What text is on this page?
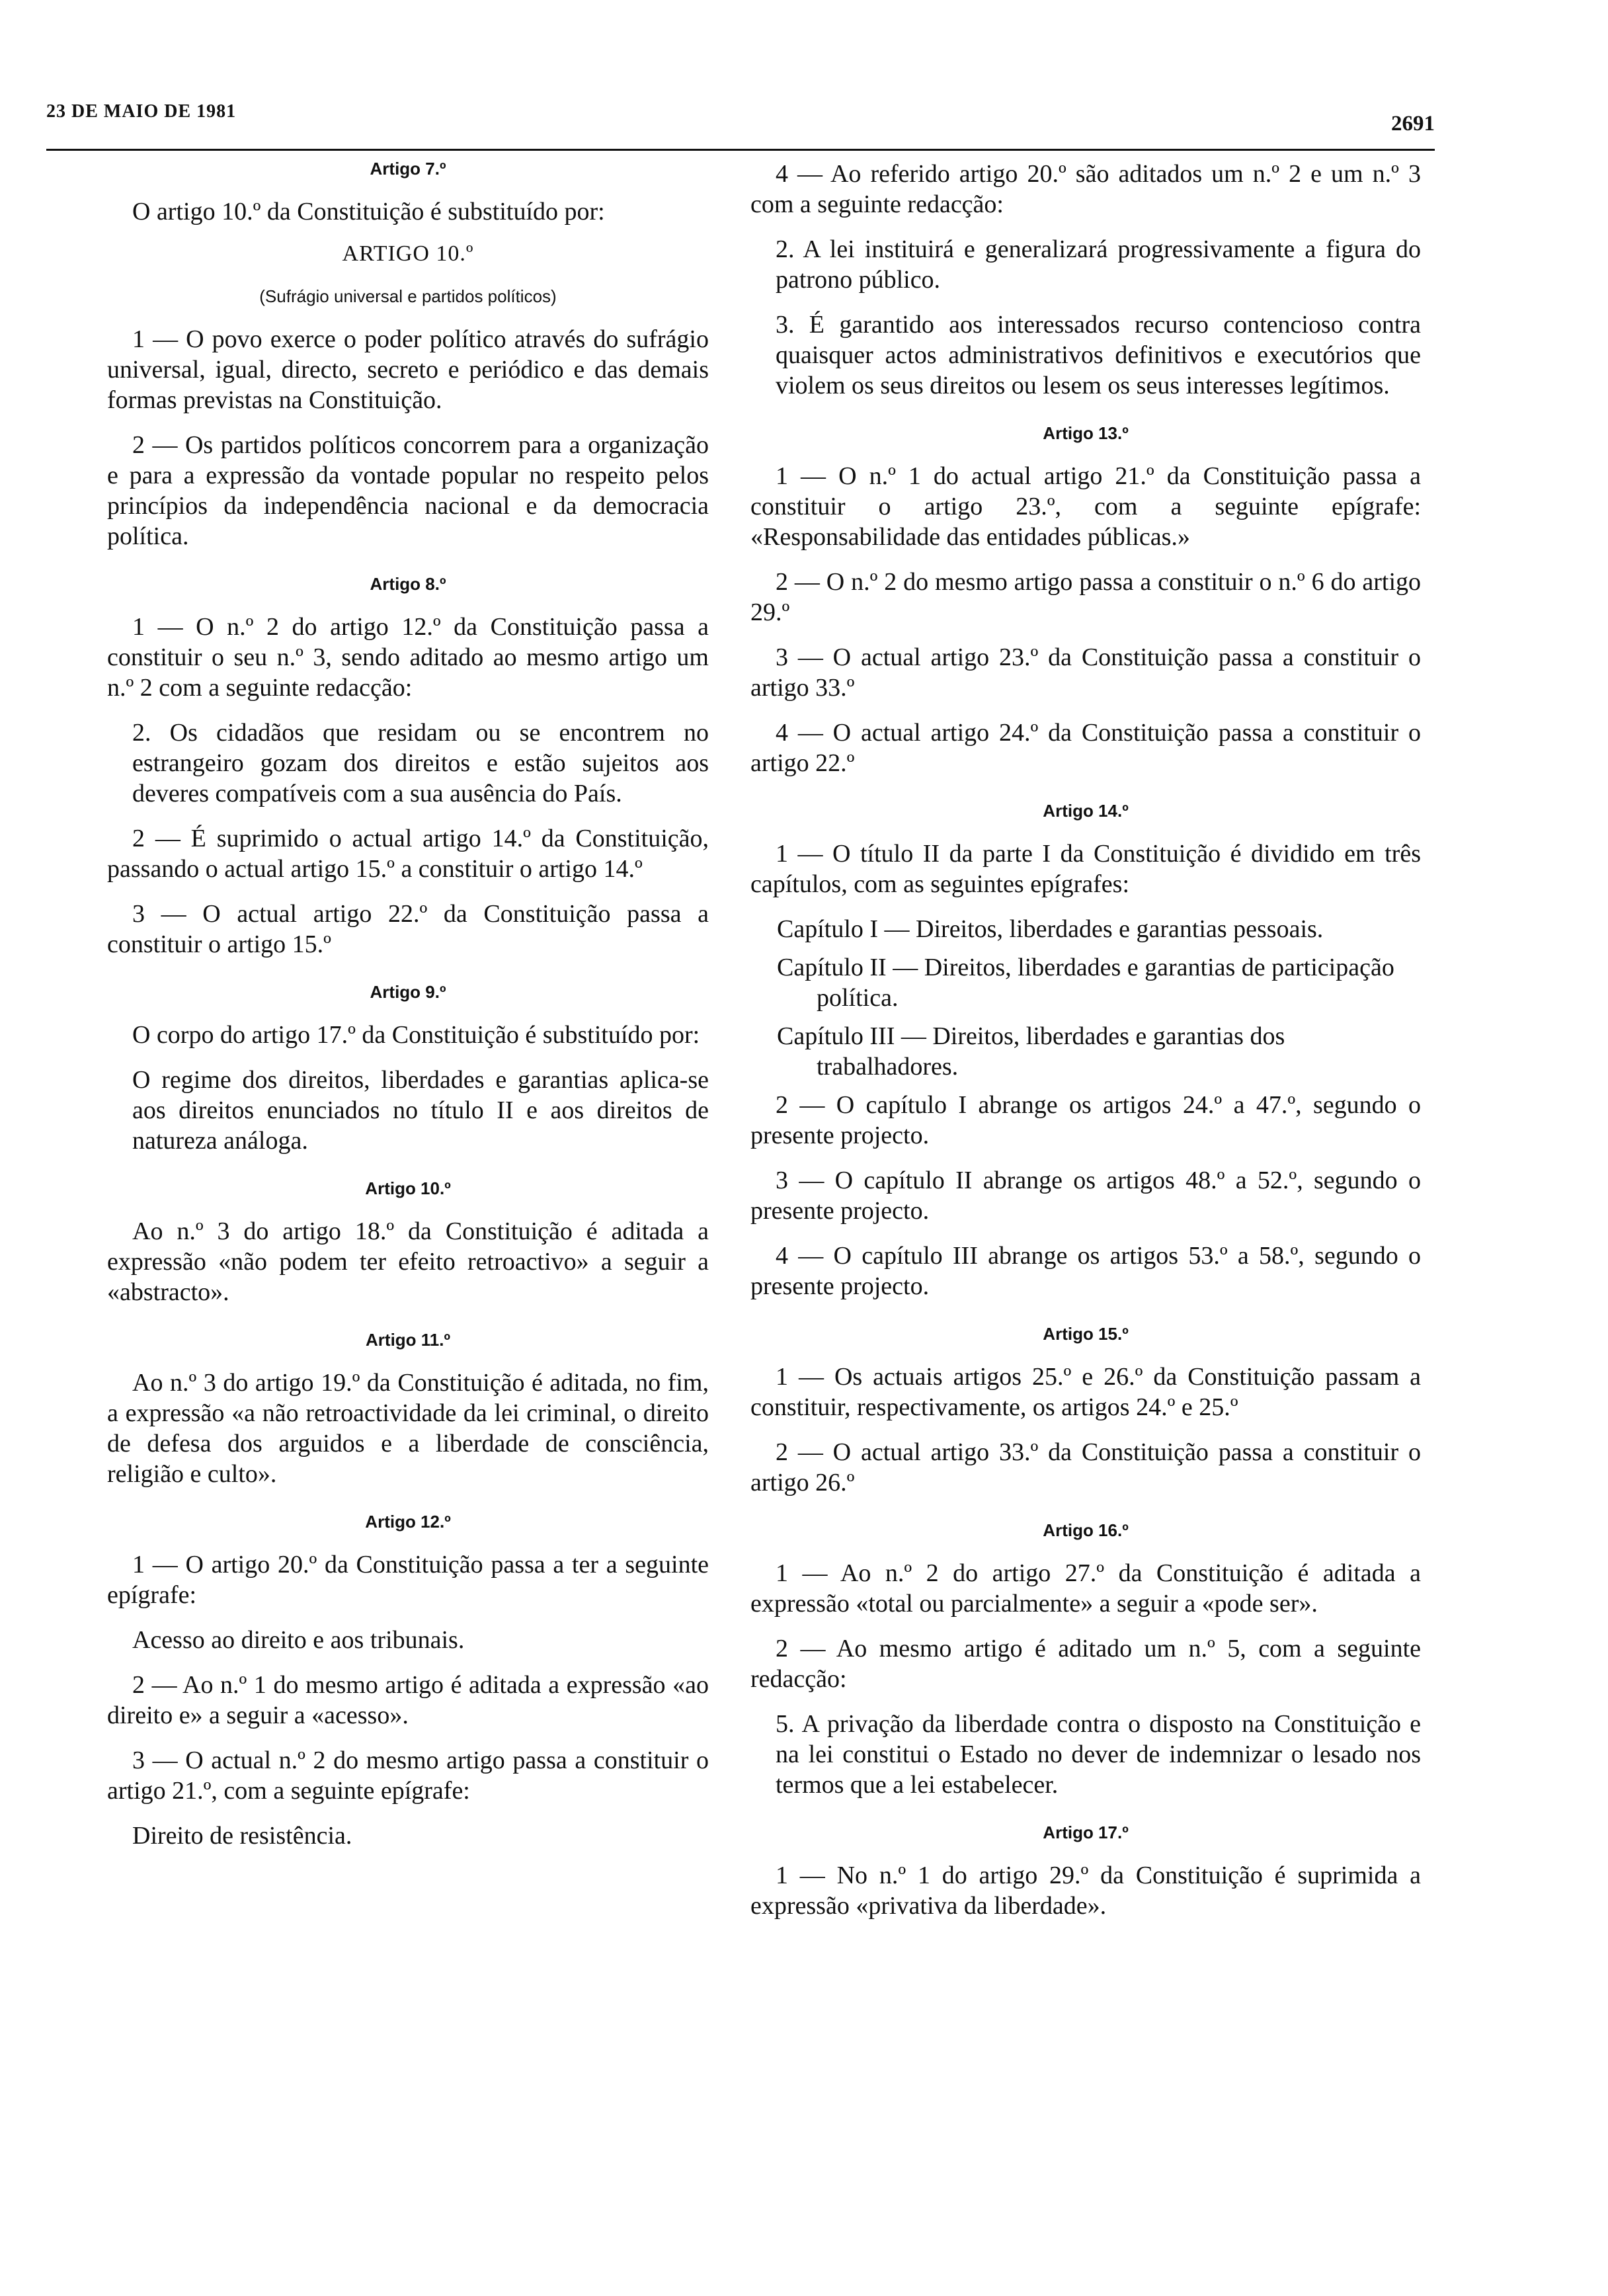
23 DE MAIO DE 1981
2691
Artigo 7.º

O artigo 10.º da Constituição é substituído por:

ARTIGO 10.º
(Sufrágio universal e partidos políticos)

1 — O povo exerce o poder político através do sufrágio universal, igual, directo, secreto e periódico e das demais formas previstas na Constituição.

2 — Os partidos políticos concorrem para a organização e para a expressão da vontade popular no respeito pelos princípios da independência nacional e da democracia política.

Artigo 8.º

1 — O n.º 2 do artigo 12.º da Constituição passa a constituir o seu n.º 3, sendo aditado ao mesmo artigo um n.º 2 com a seguinte redacção:

2. Os cidadãos que residam ou se encontrem no estrangeiro gozam dos direitos e estão sujeitos aos deveres compatíveis com a sua ausência do País.

2 — É suprimido o actual artigo 14.º da Constituição, passando o actual artigo 15.º a constituir o artigo 14.º

3 — O actual artigo 22.º da Constituição passa a constituir o artigo 15.º

Artigo 9.º

O corpo do artigo 17.º da Constituição é substituído por:

O regime dos direitos, liberdades e garantias aplica-se aos direitos enunciados no título II e aos direitos de natureza análoga.

Artigo 10.º

Ao n.º 3 do artigo 18.º da Constituição é aditada a expressão «não podem ter efeito retroactivo» a seguir a «abstracto».

Artigo 11.º

Ao n.º 3 do artigo 19.º da Constituição é aditada, no fim, a expressão «a não retroactividade da lei criminal, o direito de defesa dos arguidos e a liberdade de consciência, religião e culto».

Artigo 12.º

1 — O artigo 20.º da Constituição passa a ter a seguinte epígrafe:

Acesso ao direito e aos tribunais.

2 — Ao n.º 1 do mesmo artigo é aditada a expressão «ao direito e» a seguir a «acesso».

3 — O actual n.º 2 do mesmo artigo passa a constituir o artigo 21.º, com a seguinte epígrafe:

Direito de resistência.

4 — Ao referido artigo 20.º são aditados um n.º 2 e um n.º 3 com a seguinte redacção:

2. A lei instituirá e generalizará progressivamente a figura do patrono público.

3. É garantido aos interessados recurso contencioso contra quaisquer actos administrativos definitivos e executórios que violem os seus direitos ou lesem os seus interesses legítimos.

Artigo 13.º

1 — O n.º 1 do actual artigo 21.º da Constituição passa a constituir o artigo 23.º, com a seguinte epígrafe: «Responsabilidade das entidades públicas.»

2 — O n.º 2 do mesmo artigo passa a constituir o n.º 6 do artigo 29.º

3 — O actual artigo 23.º da Constituição passa a constituir o artigo 33.º

4 — O actual artigo 24.º da Constituição passa a constituir o artigo 22.º

Artigo 14.º

1 — O título II da parte I da Constituição é dividido em três capítulos, com as seguintes epígrafes:

Capítulo I — Direitos, liberdades e garantias pessoais.

Capítulo II — Direitos, liberdades e garantias de participação política.

Capítulo III — Direitos, liberdades e garantias dos trabalhadores.

2 — O capítulo I abrange os artigos 24.º a 47.º, segundo o presente projecto.

3 — O capítulo II abrange os artigos 48.º a 52.º, segundo o presente projecto.

4 — O capítulo III abrange os artigos 53.º a 58.º, segundo o presente projecto.

Artigo 15.º

1 — Os actuais artigos 25.º e 26.º da Constituição passam a constituir, respectivamente, os artigos 24.º e 25.º

2 — O actual artigo 33.º da Constituição passa a constituir o artigo 26.º

Artigo 16.º

1 — Ao n.º 2 do artigo 27.º da Constituição é aditada a expressão «total ou parcialmente» a seguir a «pode ser».

2 — Ao mesmo artigo é aditado um n.º 5, com a seguinte redacção:

5. A privação da liberdade contra o disposto na Constituição e na lei constitui o Estado no dever de indemnizar o lesado nos termos que a lei estabelecer.

Artigo 17.º

1 — No n.º 1 do artigo 29.º da Constituição é suprimida a expressão «privativa da liberdade».
